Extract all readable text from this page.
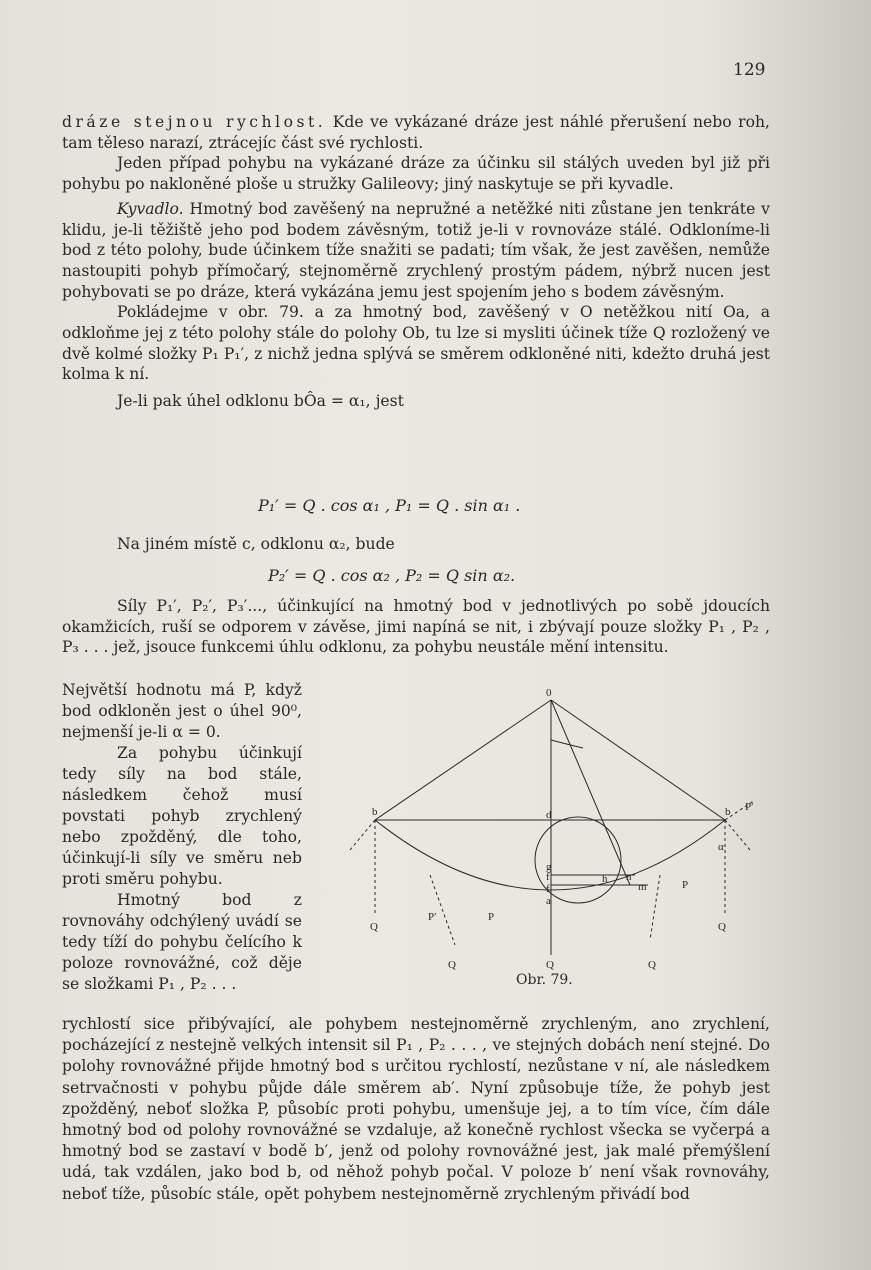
129

dráze stejnou rychlost. Kde ve vykázané dráze jest náhlé přerušení nebo roh, tam těleso narazí, ztrácejíc část své rychlosti.

Jeden případ pohybu na vykázané dráze za účinku sil stálých uveden byl již při pohybu po nakloněné ploše u stružky Galileovy; jiný naskytuje se při kyvadle.

Kyvadlo. Hmotný bod zavěšený na nepružné a netěžké niti zůstane jen tenkráte v klidu, je-li těžiště jeho pod bodem závěsným, totiž je-li v rovnováze stálé. Odkloníme-li bod z této polohy, bude účinkem tíže snažiti se padati; tím však, že jest zavěšen, nemůže nastoupiti pohyb přímočarý, stejnoměrně zrychlený prostým pádem, nýbrž nucen jest pohybovati se po dráze, která vykázána jemu jest spojením jeho s bodem závěsným.

Pokládejme v obr. 79. a za hmotný bod, zavěšený v O netěžkou nití Oa, a odkloňme jej z této polohy stále do polohy Ob, tu lze si mysliti účinek tíže Q rozložený ve dvě kolmé složky P₁ P₁′, z nichž jedna splývá se směrem odkloněné niti, kdežto druhá jest kolma k ní.

Je-li pak úhel odklonu bÔa = α₁, jest

P₁′ = Q . cos α₁ , P₁ = Q . sin α₁ .

Na jiném místě c, odklonu α₂, bude

P₂′ = Q . cos α₂ , P₂ = Q sin α₂.

Síly P₁′, P₂′, P₃′..., účinkující na hmotný bod v jednotlivých po sobě jdoucích okamžicích, ruší se odporem v závěse, jimi napíná se nit, i zbývají pouze složky P₁ , P₂ , P₃ . . . jež, jsouce funkcemi úhlu odklonu, za pohybu neustále mění intensitu.

Největší hodnotu má P, když bod odkloněn jest o úhel 90⁰, nejmenší je-li α = 0.

Za pohybu účinkují tedy síly na bod stále, následkem čehož musí povstati pohyb zrychlený nebo zpožděný, dle toho, účinkují-li síly ve směru neb proti směru pohybu.

Hmotný bod z rovnováhy odchýlený uvádí se tedy tíží do pohybu čelícího k poloze rovnovážné, což děje se složkami P₁ , P₂ . . .

rychlostí sice přibývající, ale pohybem nestejnoměrně zrychleným, ano zrychlení, pocházející z nestejně velkých intensit sil P₁ , P₂ . . . , ve stejných dobách není stejné. Do polohy rovnovážné přijde hmotný bod s určitou rychlostí, nezůstane v ní, ale následkem setrvačnosti v pohybu půjde dále směrem ab′. Nyní způsobuje tíže, že pohyb jest zpožděný, neboť složka P, působíc proti pohybu, umenšuje jej, a to tím více, čím dále hmotný bod od polohy rovnovážné se vzdaluje, až konečně rychlost všecka se vyčerpá a hmotný bod se zastaví v bodě b′, jenž od polohy rovnovážné jest, jak malé přemýšlení udá, tak vzdálen, jako bod b, od něhož pohyb počal. V poloze b′ není však rovnováhy, neboť tíže, působíc stále, opět pohybem nestejnoměrně zrychleným přivádí bod
0
b	b
d
g
f
f
a
h n
m
α
Q	Q
Q	Q	Q
P
P
P′
P′
Obr. 79.
